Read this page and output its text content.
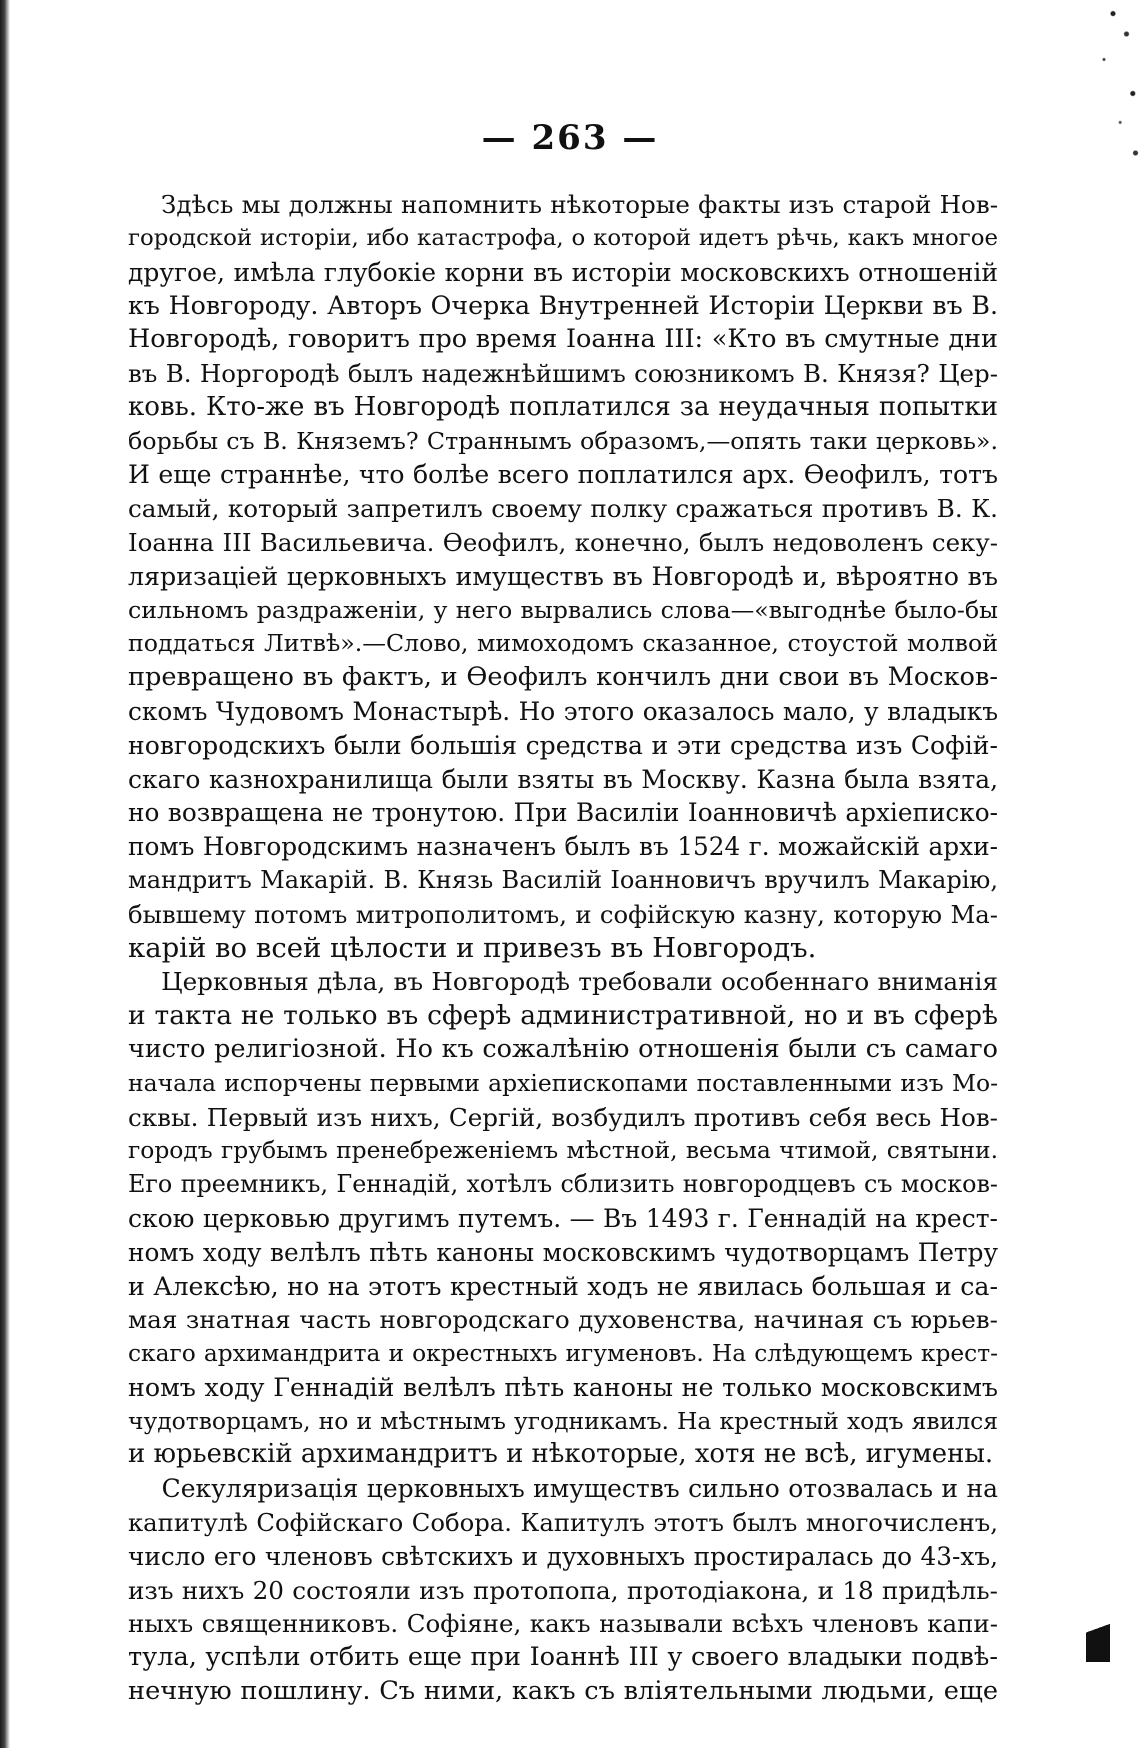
— 263 —
Здѣсь мы должны напомнить нѣкоторые факты изъ старой Нов-
городской исторіи, ибо катастрофа, о которой идетъ рѣчь, какъ многое
другое, имѣла глубокіе корни въ исторіи московскихъ отношеній
къ Новгороду. Авторъ Очерка Внутренней Исторіи Церкви въ В.
Новгородѣ, говоритъ про время Іоанна III: «Кто въ смутные дни
въ В. Норгородѣ былъ надежнѣйшимъ союзникомъ В. Князя? Цер-
ковь. Кто-же въ Новгородѣ поплатился за неудачныя попытки
борьбы съ В. Княземъ? Страннымъ образомъ,—опять таки церковь».
И еще страннѣе, что болѣе всего поплатился арх. Ѳеофилъ, тотъ
самый, который запретилъ своему полку сражаться противъ В. К.
Іоанна III Васильевича. Ѳеофилъ, конечно, былъ недоволенъ секу-
ляризаціей церковныхъ имуществъ въ Новгородѣ и, вѣроятно въ
сильномъ раздраженіи, у него вырвались слова—«выгоднѣе было-бы
поддаться Литвѣ».—Слово, мимоходомъ сказанное, стоустой молвой
превращено въ фактъ, и Ѳеофилъ кончилъ дни свои въ Москов-
скомъ Чудовомъ Монастырѣ. Но этого оказалось мало, у владыкъ
новгородскихъ были большія средства и эти средства изъ Софій-
скаго казнохранилища были взяты въ Москву. Казна была взята,
но возвращена не тронутою. При Василіи Іоанновичѣ архіеписко-
помъ Новгородскимъ назначенъ былъ въ 1524 г. можайскій архи-
мандритъ Макарій. В. Князь Василій Іоанновичъ вручилъ Макарію,
бывшему потомъ митрополитомъ, и софійскую казну, которую Ма-
карій во всей цѣлости и привезъ въ Новгородъ.
Церковныя дѣла, въ Новгородѣ требовали особеннаго вниманія
и такта не только въ сферѣ административной, но и въ сферѣ
чисто религіозной. Но къ сожалѣнію отношенія были съ самаго
начала испорчены первыми архіепископами поставленными изъ Мо-
сквы. Первый изъ нихъ, Сергій, возбудилъ противъ себя весь Нов-
городъ грубымъ пренебреженіемъ мѣстной, весьма чтимой, святыни.
Его преемникъ, Геннадій, хотѣлъ сблизить новгородцевъ съ москов-
скою церковью другимъ путемъ. — Въ 1493 г. Геннадій на крест-
номъ ходу велѣлъ пѣть каноны московскимъ чудотворцамъ Петру
и Алексѣю, но на этотъ крестный ходъ не явилась большая и са-
мая знатная часть новгородскаго духовенства, начиная съ юрьев-
скаго архимандрита и окрестныхъ игуменовъ. На слѣдующемъ крест-
номъ ходу Геннадій велѣлъ пѣть каноны не только московскимъ
чудотворцамъ, но и мѣстнымъ угодникамъ. На крестный ходъ явился
и юрьевскій архимандритъ и нѣкоторые, хотя не всѣ, игумены.
Секуляризація церковныхъ имуществъ сильно отозвалась и на
капитулѣ Софійскаго Собора. Капитулъ этотъ былъ многочисленъ,
число его членовъ свѣтскихъ и духовныхъ простиралась до 43-хъ,
изъ нихъ 20 состояли изъ протопопа, протодіакона, и 18 придѣль-
ныхъ священниковъ. Софіяне, какъ называли всѣхъ членовъ капи-
тула, успѣли отбить еще при Іоаннѣ III у своего владыки подвѣ-
нечную пошлину. Съ ними, какъ съ вліятельными людьми, еще
